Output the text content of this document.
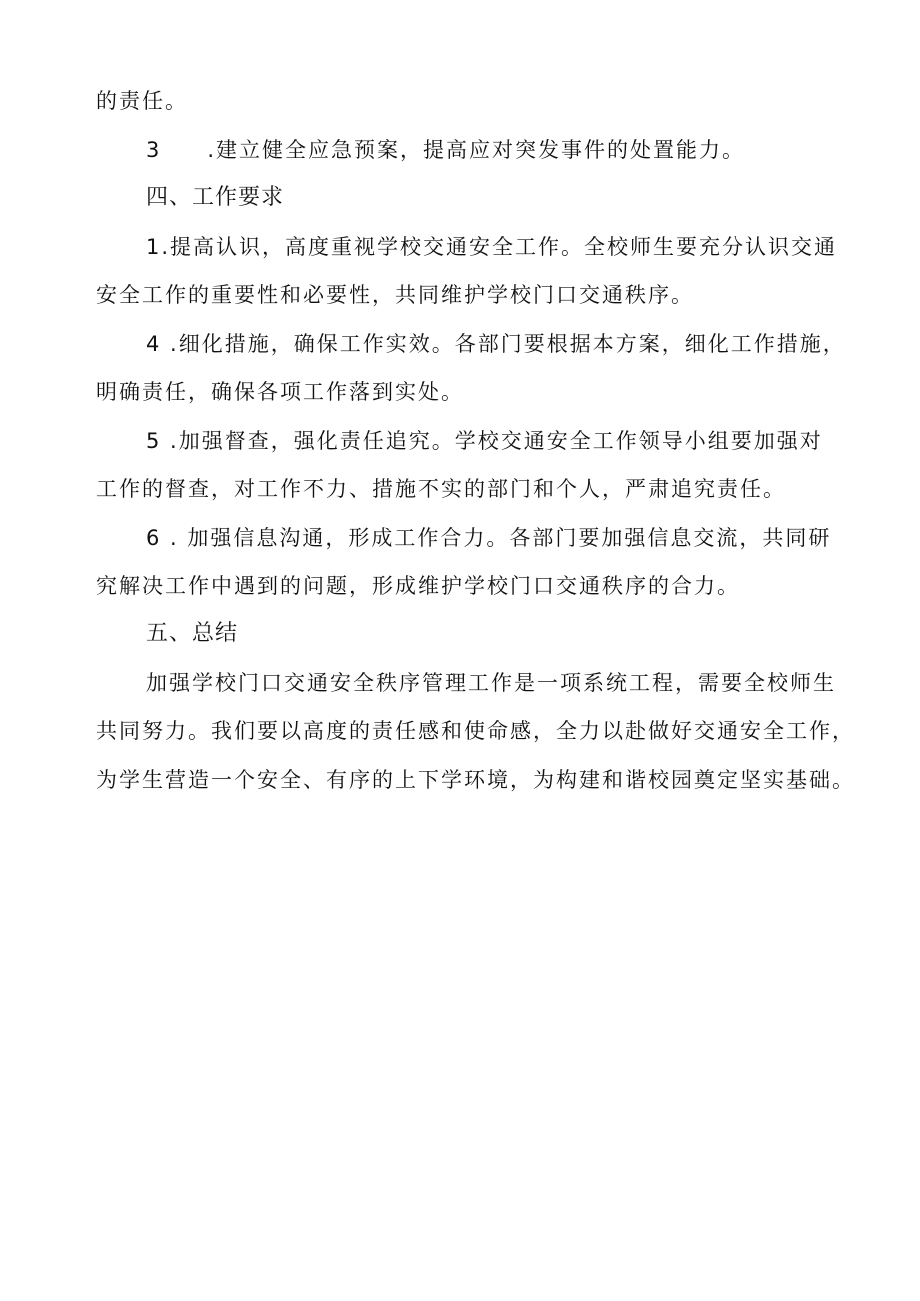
的责任。
3　　.建立健全应急预案，提高应对突发事件的处置能力。
四、工作要求
1.提高认识，高度重视学校交通安全工作。全校师生要充分认识交通
安全工作的重要性和必要性，共同维护学校门口交通秩序。
4 .细化措施，确保工作实效。各部门要根据本方案，细化工作措施，
明确责任，确保各项工作落到实处。
5 .加强督查，强化责任追究。学校交通安全工作领导小组要加强对
工作的督查，对工作不力、措施不实的部门和个人，严肃追究责任。
6 . 加强信息沟通，形成工作合力。各部门要加强信息交流，共同研
究解决工作中遇到的问题，形成维护学校门口交通秩序的合力。
五、总结
加强学校门口交通安全秩序管理工作是一项系统工程，需要全校师生
共同努力。我们要以高度的责任感和使命感，全力以赴做好交通安全工作，
为学生营造一个安全、有序的上下学环境，为构建和谐校园奠定坚实基础。
